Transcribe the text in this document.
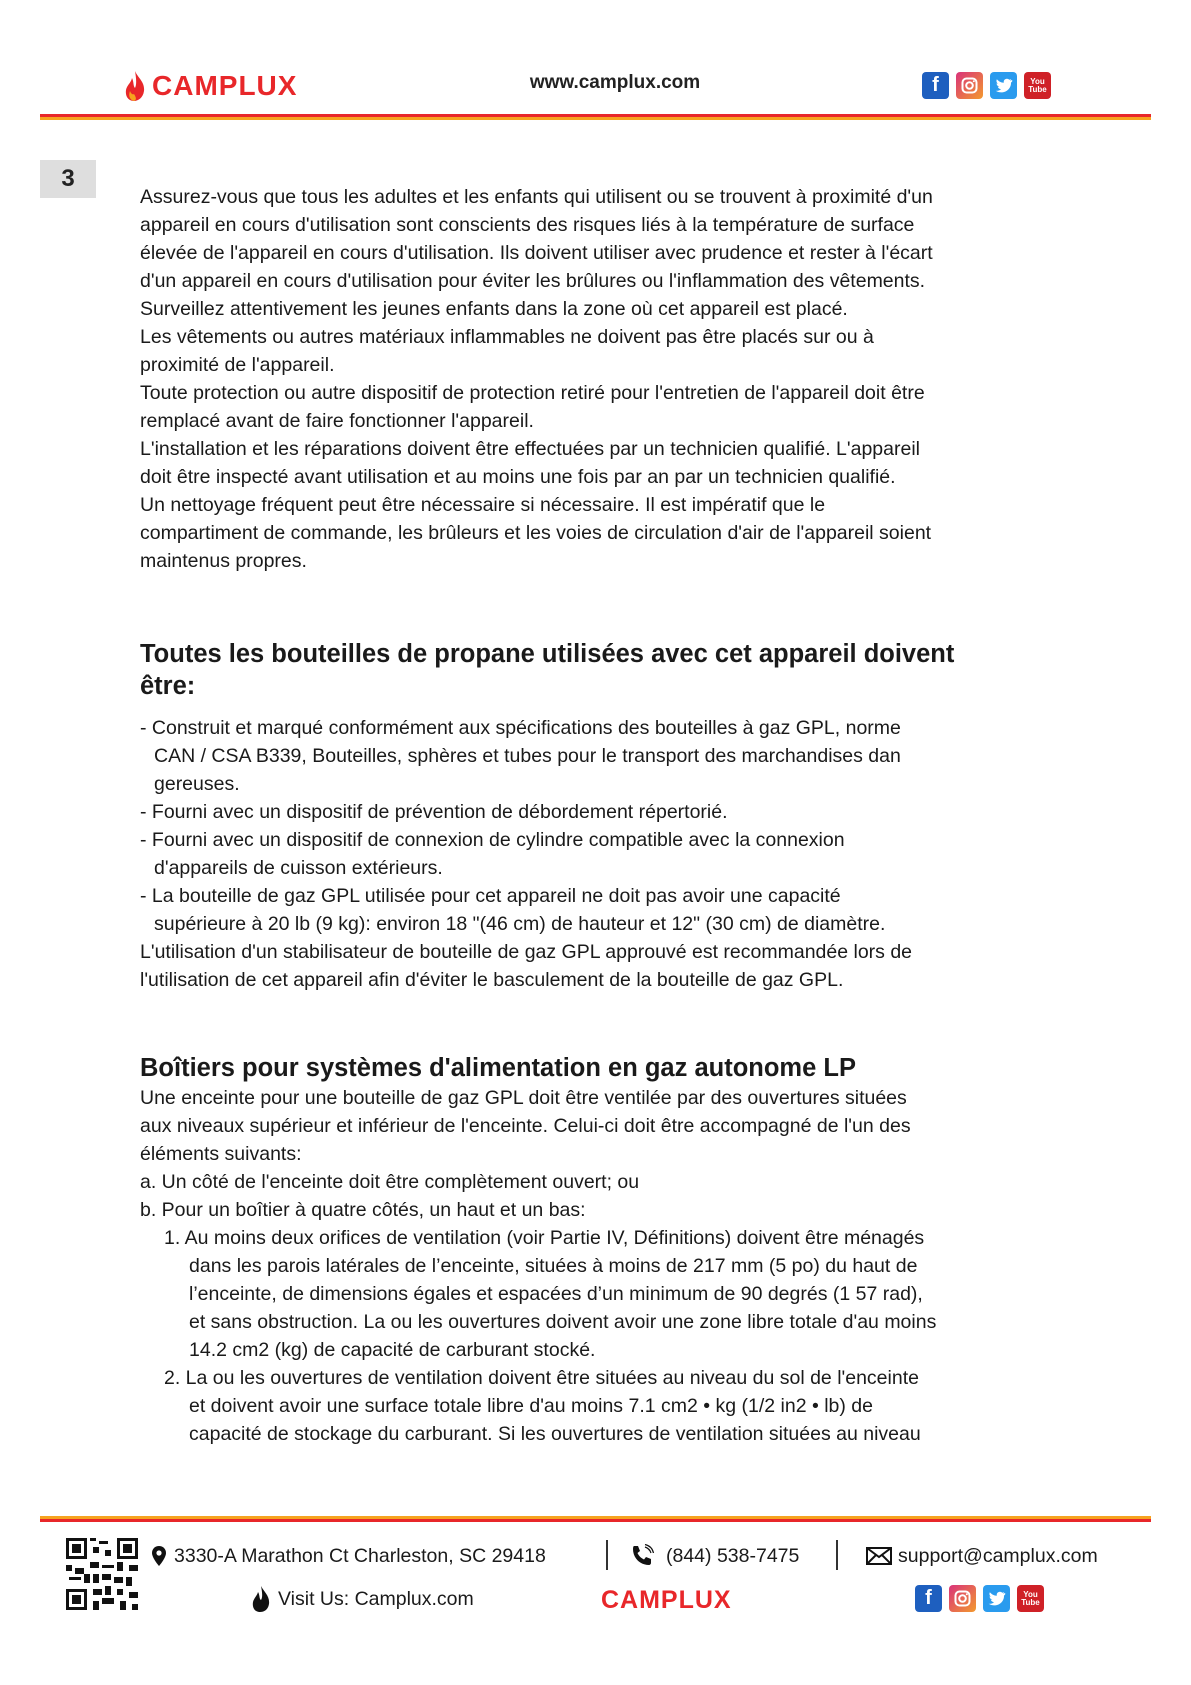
CAMPLUX	www.camplux.com	f	You
Tube
3

Assurez-vous que tous les adultes et les enfants qui utilisent ou se trouvent à proximité d'un

appareil en cours d'utilisation sont conscients des risques liés à la température de surface

élevée de l'appareil en cours d'utilisation. Ils doivent utiliser avec prudence et rester à l'écart

d'un appareil en cours d'utilisation pour éviter les brûlures ou l'inflammation des vêtements.

Surveillez attentivement les jeunes enfants dans la zone où cet appareil est placé.

Les vêtements ou autres matériaux inflammables ne doivent pas être placés sur ou à

proximité de l'appareil.

Toute protection ou autre dispositif de protection retiré pour l'entretien de l'appareil doit être

remplacé avant de faire fonctionner l'appareil.

L'installation et les réparations doivent être effectuées par un technicien qualifié. L'appareil

doit être inspecté avant utilisation et au moins une fois par an par un technicien qualifié.

Un nettoyage fréquent peut être nécessaire si nécessaire. Il est impératif que le

compartiment de commande, les brûleurs et les voies de circulation d'air de l'appareil soient

maintenus propres.

Toutes les bouteilles de propane utilisées avec cet appareil doivent

être:

- Construit et marqué conformément aux spécifications des bouteilles à gaz GPL, norme

CAN / CSA B339, Bouteilles, sphères et tubes pour le transport des marchandises dan

gereuses.

- Fourni avec un dispositif de prévention de débordement répertorié.

- Fourni avec un dispositif de connexion de cylindre compatible avec la connexion

d'appareils de cuisson extérieurs.

- La bouteille de gaz GPL utilisée pour cet appareil ne doit pas avoir une capacité

supérieure à 20 lb (9 kg): environ 18 "(46 cm) de hauteur et 12" (30 cm) de diamètre.

L'utilisation d'un stabilisateur de bouteille de gaz GPL approuvé est recommandée lors de

l'utilisation de cet appareil afin d'éviter le basculement de la bouteille de gaz GPL.

Boîtiers pour systèmes d'alimentation en gaz autonome LP

Une enceinte pour une bouteille de gaz GPL doit être ventilée par des ouvertures situées

aux niveaux supérieur et inférieur de l'enceinte. Celui-ci doit être accompagné de l'un des

éléments suivants:

a. Un côté de l'enceinte doit être complètement ouvert; ou

b. Pour un boîtier à quatre côtés, un haut et un bas:

1. Au moins deux orifices de ventilation (voir Partie IV, Définitions) doivent être ménagés

dans les parois latérales de l’enceinte, situées à moins de 217 mm (5 po) du haut de

l’enceinte, de dimensions égales et espacées d’un minimum de 90 degrés (1 57 rad),

et sans obstruction. La ou les ouvertures doivent avoir une zone libre totale d'au moins

14.2 cm2 (kg) de capacité de carburant stocké.

2. La ou les ouvertures de ventilation doivent être situées au niveau du sol de l'enceinte

et doivent avoir une surface totale libre d'au moins 7.1 cm2 • kg (1/2 in2 • lb) de

capacité de stockage du carburant. Si les ouvertures de ventilation situées au niveau

3330-A Marathon Ct Charleston, SC 29418	(844) 538-7475	support@camplux.com
Visit Us: Camplux.com	CAMPLUX	f	You
Tube
